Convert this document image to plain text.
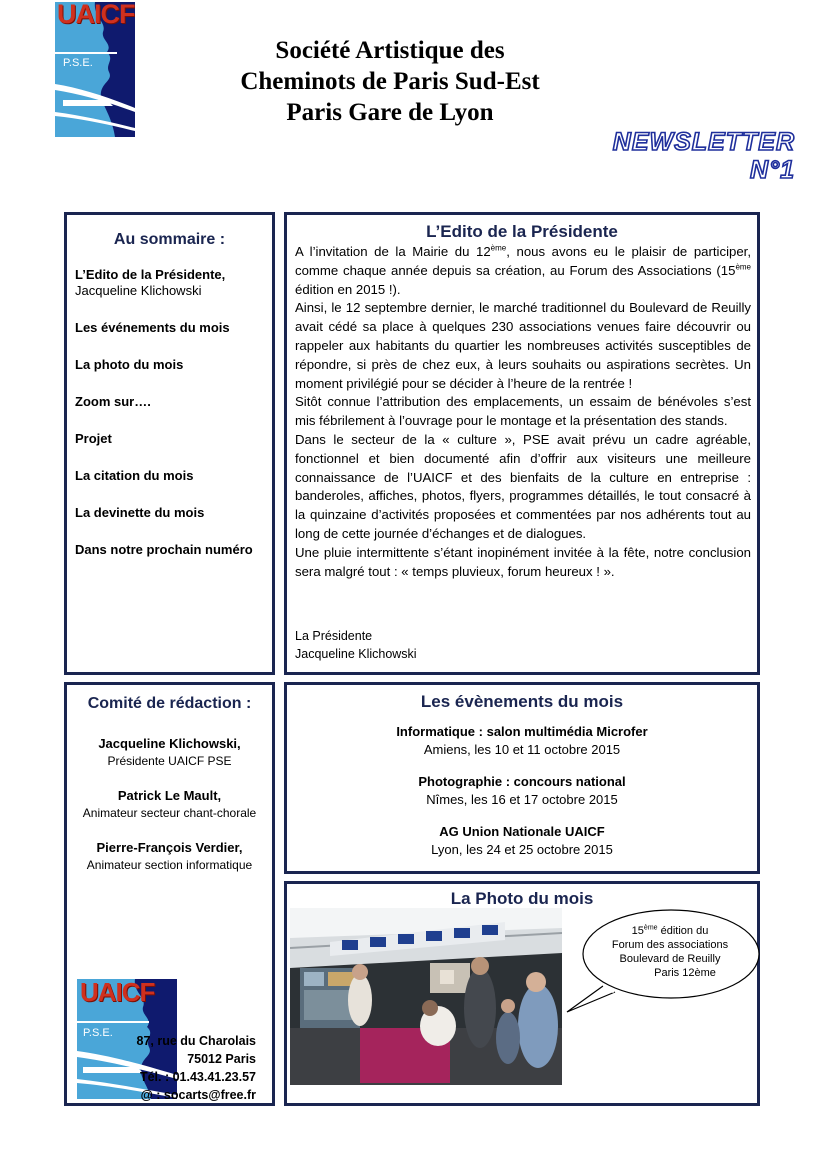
UAICF
P.S.E.	Société Artistique des
Cheminots de Paris Sud-Est
Paris Gare de Lyon
NEWSLETTER
N°1
Au sommaire :
L’Edito de la Présidente,
Jacqueline Klichowski
Les événements du mois
La photo du mois
Zoom sur….
Projet
La citation du mois
La devinette du mois
Dans notre prochain numéro
L’Edito de la Présidente

A l’invitation de la Mairie du 12ème, nous avons eu le plaisir de participer, comme chaque année depuis sa création, au Forum des Associations (15ème édition en 2015 !).

Ainsi, le 12 septembre dernier, le marché traditionnel du Boulevard de Reuilly avait cédé sa place à quelques 230 associations venues faire découvrir ou rappeler aux habitants du quartier les nombreuses activités susceptibles de répondre, si près de chez eux, à leurs souhaits ou aspirations secrètes. Un moment privilégié pour se décider à l’heure de la rentrée !

Sitôt connue l’attribution des emplacements, un essaim de bénévoles s’est mis fébrilement à l’ouvrage pour le montage et la présentation des stands.

Dans le secteur de la « culture », PSE avait prévu un cadre agréable, fonctionnel et bien documenté afin d’offrir aux visiteurs une meilleure connaissance de l’UAICF et des bienfaits de la culture en entreprise : banderoles, affiches, photos, flyers, programmes détaillés, le tout consacré à la quinzaine d’activités proposées et commentées par nos adhérents tout au long de cette journée d’échanges et de dialogues.

Une pluie intermittente s’étant inopinément invitée à la fête, notre conclusion sera malgré tout : « temps pluvieux, forum heureux ! ».

La Présidente
Jacqueline Klichowski
Comité de rédaction :
Jacqueline Klichowski,
Présidente UAICF PSE
Patrick Le Mault,
Animateur secteur chant-chorale
Pierre-François Verdier,
Animateur section informatique
UAICF
P.S.E.
87, rue du Charolais
75012 Paris
Tél. : 01.43.41.23.57
@ : socarts@free.fr
Les évènements du mois
Informatique : salon multimédia Microfer
Amiens, les 10 et 11 octobre 2015
Photographie : concours national
Nîmes, les 16 et 17 octobre 2015
AG Union Nationale UAICF
Lyon, les 24 et 25 octobre 2015
La Photo du mois
15ème édition du
Forum des associations
Boulevard de Reuilly
Paris 12ème
